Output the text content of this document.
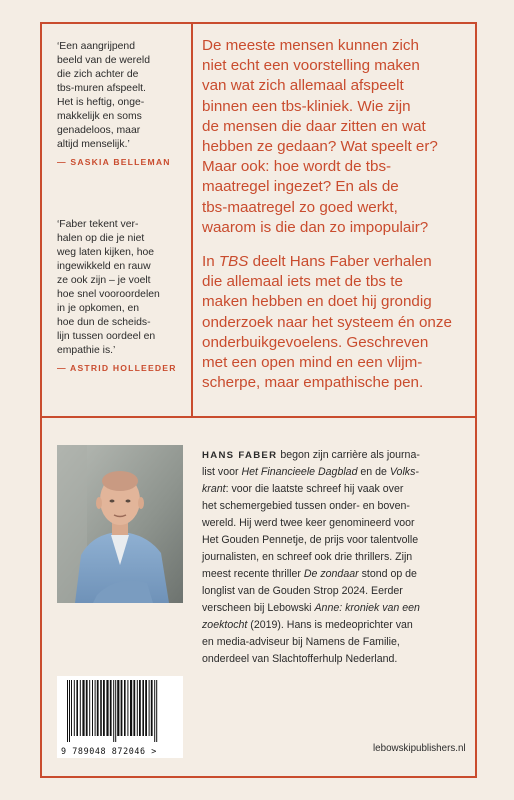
‘Een aangrijpend
beeld van de wereld
die zich achter de
tbs-muren afspeelt.
Het is heftig, onge-
makkelijk en soms
genadeloos, maar
altijd menselijk.’
— SASKIA BELLEMAN
‘Faber tekent ver-
halen op die je niet
weg laten kijken, hoe
ingewikkeld en rauw
ze ook zijn – je voelt
hoe snel vooroordelen
in je opkomen, en
hoe dun de scheids-
lijn tussen oordeel en
empathie is.’
— ASTRID HOLLEEDER
De meeste mensen kunnen zich
niet echt een voorstelling maken
van wat zich allemaal afspeelt
binnen een tbs-kliniek. Wie zijn
de mensen die daar zitten en wat
hebben ze gedaan? Wat speelt er?
Maar ook: hoe wordt de tbs-
maatregel ingezet? En als de
tbs-maatregel zo goed werkt,
waarom is die dan zo impopulair?
In TBS deelt Hans Faber verhalen
die allemaal iets met de tbs te
maken hebben en doet hij grondig
onderzoek naar het systeem én onze
onderbuikgevoelens. Geschreven
met een open mind en een vlijm-
scherpe, maar empathische pen.
HANS FABER begon zijn carrière als journa-
list voor Het Financieele Dagblad en de Volks-
krant: voor die laatste schreef hij vaak over
het schemergebied tussen onder- en boven-
wereld. Hij werd twee keer genomineerd voor
Het Gouden Pennetje, de prijs voor talentvolle
journalisten, en schreef ook drie thrillers. Zijn
meest recente thriller De zondaar stond op de
longlist van de Gouden Strop 2024. Eerder
verscheen bij Lebowski Anne: kroniek van een
zoektocht (2019). Hans is medeoprichter van
en media-adviseur bij Namens de Familie,
onderdeel van Slachtofferhulp Nederland.
9 789048 872046 >	lebowskipublishers.nl
